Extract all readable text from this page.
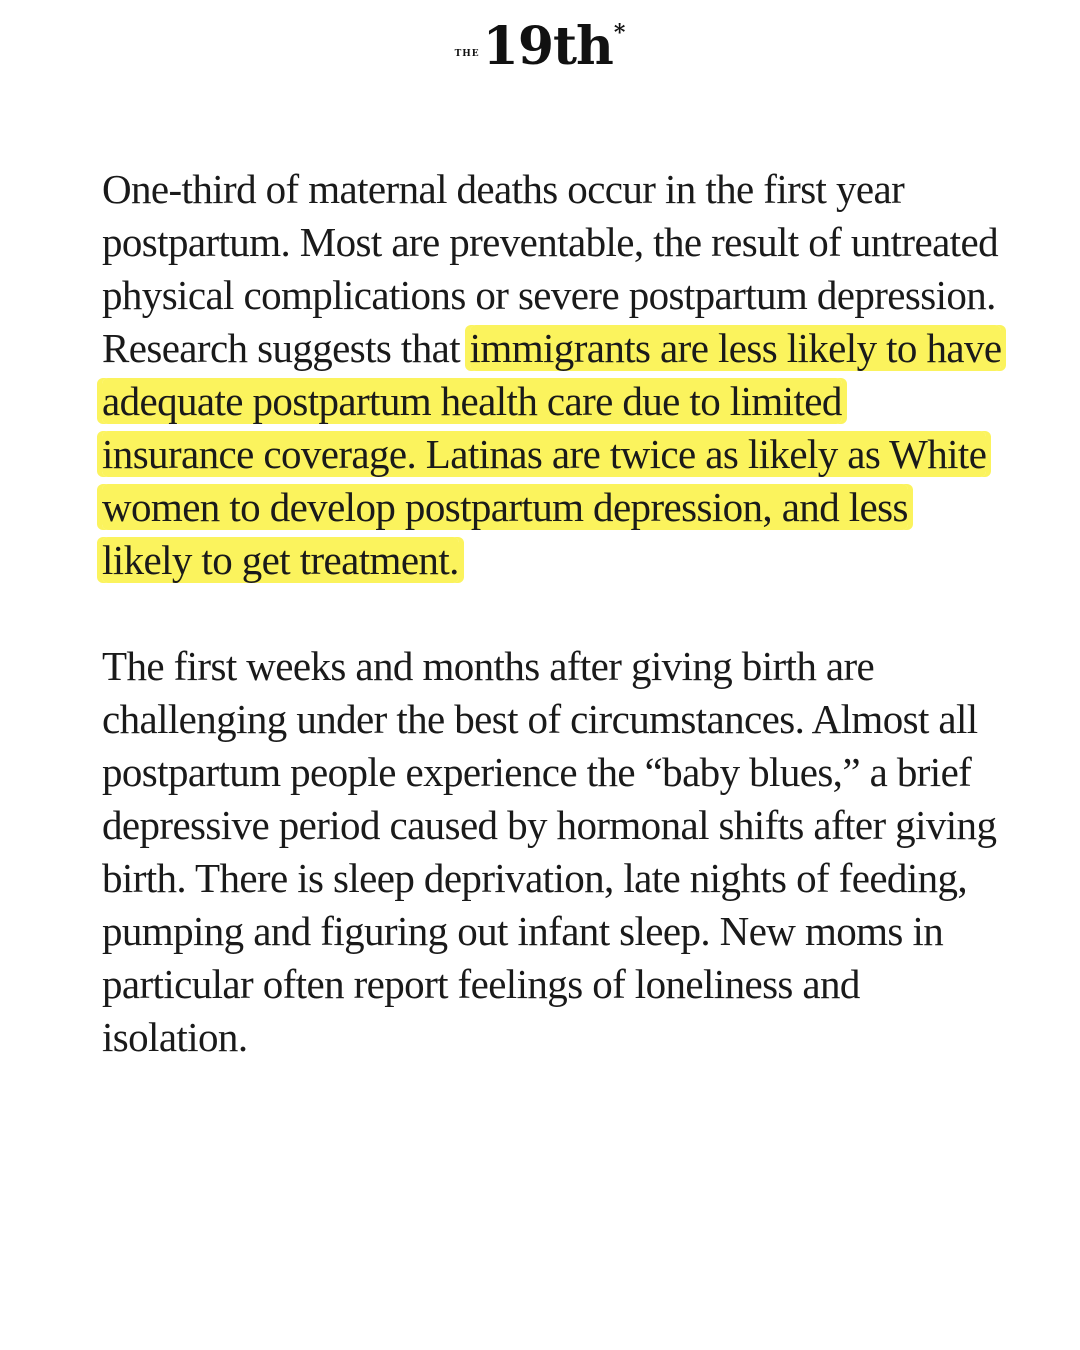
THE19th*

One-third of maternal deaths occur in the first year postpartum. Most are preventable, the result of untreated physical complications or severe postpartum depression. Research suggests that immigrants are less likely to have adequate postpartum health care due to limited insurance coverage. Latinas are twice as likely as White women to develop postpartum depression, and less likely to get treatment.

The first weeks and months after giving birth are challenging under the best of circumstances. Almost all postpartum people experience the “baby blues,” a brief depressive period caused by hormonal shifts after giving birth. There is sleep deprivation, late nights of feeding, pumping and figuring out infant sleep. New moms in particular often report feelings of loneliness and isolation.
